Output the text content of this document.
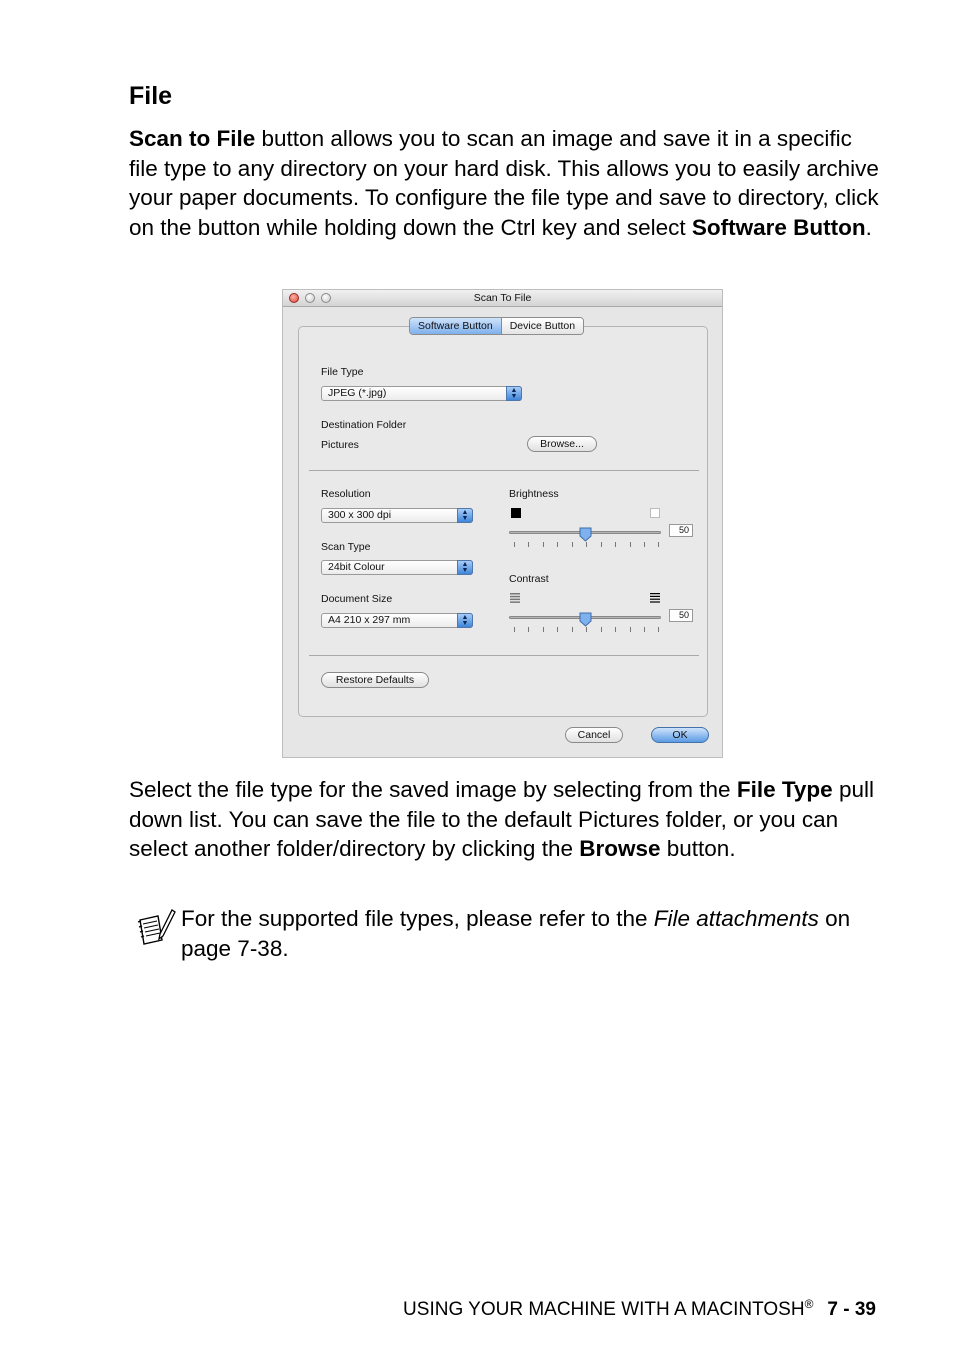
File
Scan to File button allows you to scan an image and save it in a specific file type to any directory on your hard disk. This allows you to easily archive your paper documents. To configure the file type and save to directory, click on the button while holding down the Ctrl key and select Software Button.
Scan To File
Software Button	Device Button
File Type
JPEG (*.jpg)	▲
▼
Destination Folder
Pictures	Browse...
Resolution
300 x 300 dpi	▲
▼
Scan Type
24bit Colour	▲
▼
Document Size
A4 210 x 297 mm	▲
▼
Brightness
50
Contrast
50
Restore Defaults
Cancel	OK
Select the file type for the saved image by selecting from the File Type pull down list. You can save the file to the default Pictures folder, or you can select another folder/directory by clicking the Browse button.
For the supported file types, please refer to the File attachments on page 7-38.
USING YOUR MACHINE WITH A MACINTOSH® 7 - 39
